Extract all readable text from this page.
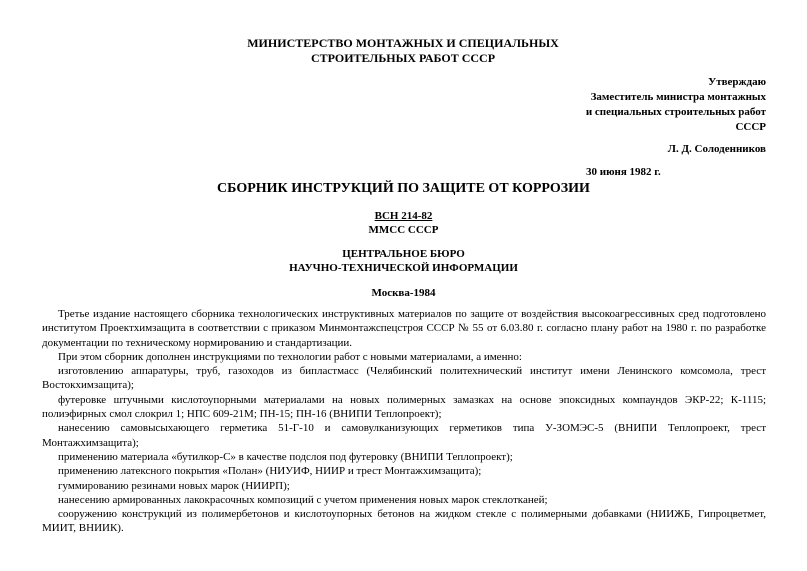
МИНИСТЕРСТВО МОНТАЖНЫХ И СПЕЦИАЛЬНЫХ
СТРОИТЕЛЬНЫХ РАБОТ СССР
Утверждаю
Заместитель министра монтажных
и специальных строительных работ
СССР
Л. Д. Солоденников
30 июня 1982 г.
СБОРНИК ИНСТРУКЦИЙ ПО ЗАЩИТЕ ОТ КОРРОЗИИ
ВСН 214-82
ММСС СССР
ЦЕНТРАЛЬНОЕ БЮРО
НАУЧНО-ТЕХНИЧЕСКОЙ ИНФОРМАЦИИ
Москва-1984

Третье издание настоящего сборника технологических инструктивных материалов по защите от воздействия высокоагрессивных сред подготовлено институтом Проектхимзащита в соответствии с приказом Минмонтажспецстроя СССР № 55 от 6.03.80 г. согласно плану работ на 1980 г. по разработке документации по техническому нормированию и стандартизации.

При этом сборник дополнен инструкциями по технологии работ с новыми материалами, а именно:

изготовлению аппаратуры, труб, газоходов из бипластмасс (Челябинский политехнический институт имени Ленинского комсомола, трест Востокхимзащита);

футеровке штучными кислотоупорными материалами на новых полимерных замазках на основе эпоксидных компаундов ЭКР-22; К-1115; полиэфирных смол слокрил 1; НПС 609-21М; ПН-15; ПН-16 (ВНИПИ Теплопроект);

нанесению самовысыхающего герметика 51-Г-10 и самовулканизующих герметиков типа У-ЗОМЭС-5 (ВНИПИ Теплопроект, трест Монтажхимзащита);

применению материала «бутилкор-С» в качестве подслоя под футеровку (ВНИПИ Теплопроект);

применению латексного покрытия «Полан» (НИУИФ, НИИР и трест Монтажхимзащита);

гуммированию резинами новых марок (НИИРП);

нанесению армированных лакокрасочных композиций с учетом применения новых марок стеклотканей;

сооружению конструкций из полимербетонов и кислотоупорных бетонов на жидком стекле с полимерными добавками (НИИЖБ, Гипроцветмет, МИИТ, ВНИИК).
